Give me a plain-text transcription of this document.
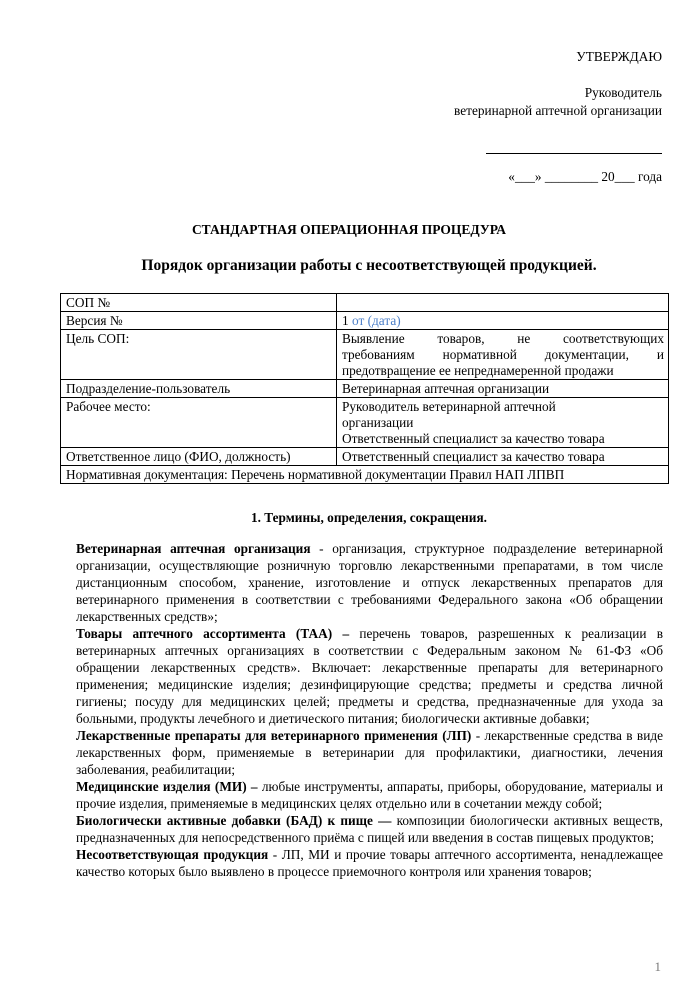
УТВЕРЖДАЮ
Руководитель
ветеринарной аптечной организации
«___» ________ 20___ года
СТАНДАРТНАЯ ОПЕРАЦИОННАЯ ПРОЦЕДУРА
Порядок организации работы с несоответствующей продукцией.
СОП №	
Версия №	1 от (дата)
Цель СОП:	Выявление товаров, не соответствующих
требованиям нормативной документации, и
предотвращение ее непреднамеренной продажи

Подразделение-пользователь	Ветеринарная аптечная организации
Рабочее место:	Руководитель ветеринарной аптечной
организации
Ответственный специалист за качество товара

Ответственное лицо (ФИО, должность)	Ответственный специалист за качество товара
Нормативная документация: Перечень нормативной документации Правил НАП ЛПВП	
1. Термины, определения, сокращения.

Ветеринарная аптечная организация - организация, структурное подразделение ветеринарной организации, осуществляющие розничную торговлю лекарственными препаратами, в том числе дистанционным способом, хранение, изготовление и отпуск лекарственных препаратов для ветеринарного применения в соответствии с требованиями Федерального закона «Об обращении лекарственных средств»;

Товары аптечного ассортимента (ТАА) – перечень товаров, разрешенных к реализации в ветеринарных аптечных организациях в соответствии с Федеральным законом № 61-ФЗ «Об обращении лекарственных средств». Включает: лекарственные препараты для ветеринарного применения; медицинские изделия; дезинфицирующие средства; предметы и средства личной гигиены; посуду для медицинских целей; предметы и средства, предназначенные для ухода за больными, продукты лечебного и диетического питания; биологически активные добавки;

Лекарственные препараты для ветеринарного применения (ЛП) - лекарственные средства в виде лекарственных форм, применяемые в ветеринарии для профилактики, диагностики, лечения заболевания, реабилитации;

Медицинские изделия (МИ) – любые инструменты, аппараты, приборы, оборудование, материалы и прочие изделия, применяемые в медицинских целях отдельно или в сочетании между собой;

Биологически активные добавки (БАД) к пище — композиции биологически активных веществ, предназначенных для непосредственного приёма с пищей или введения в состав пищевых продуктов;

Несоответствующая продукция - ЛП, МИ и прочие товары аптечного ассортимента, ненадлежащее качество которых было выявлено в процессе приемочного контроля или хранения товаров;

1
